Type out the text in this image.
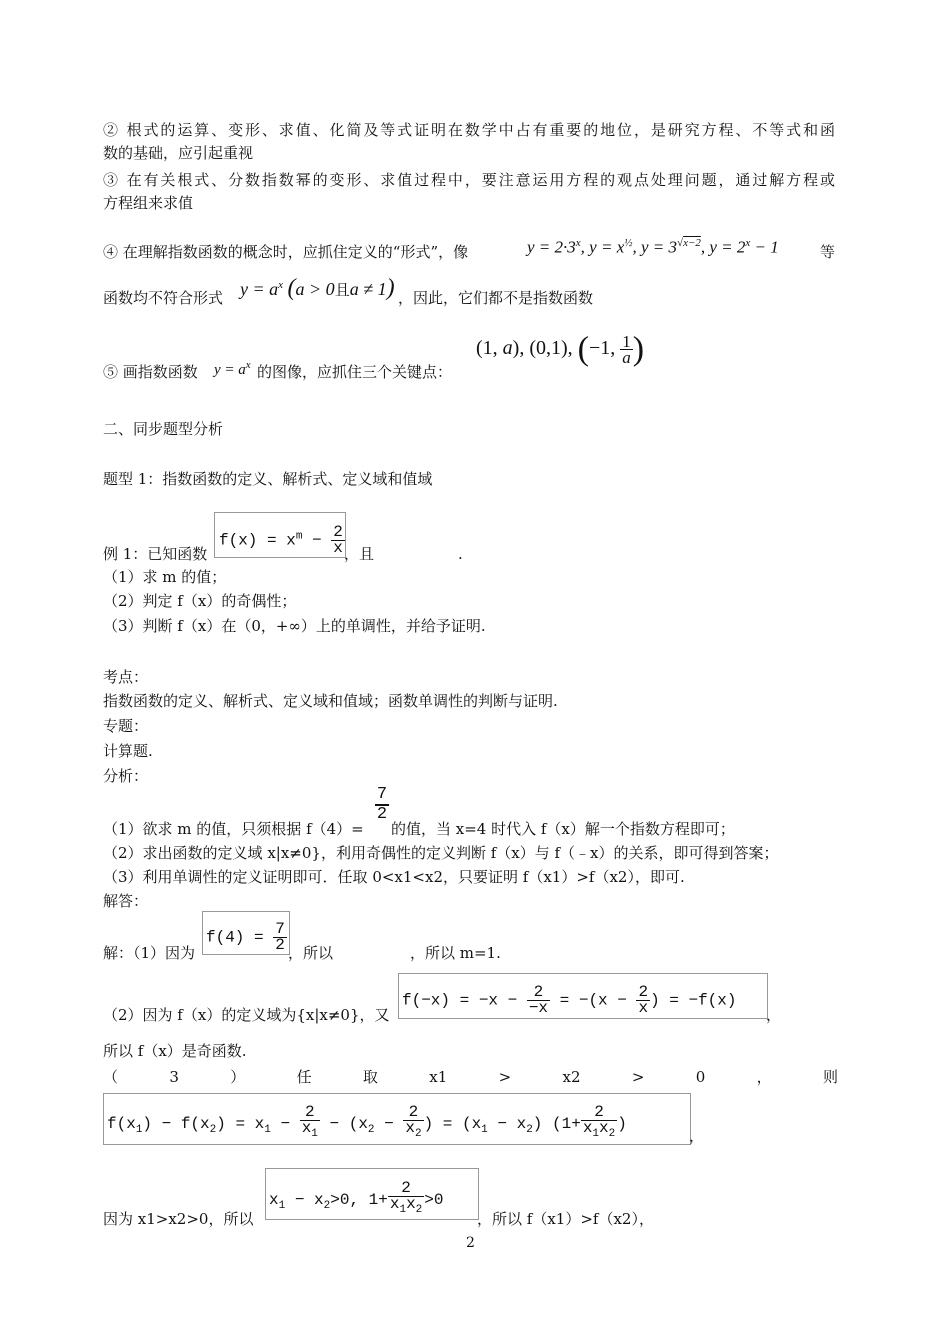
② 根式的运算、变形、求值、化简及等式证明在数学中占有重要的地位，是研究方程、不等式和函
数的基础，应引起重视
③ 在有关根式、分数指数幂的变形、求值过程中，要注意运用方程的观点处理问题，通过解方程或
方程组来求值
④ 在理解指数函数的概念时，应抓住定义的“形式”，像	$y = 2\cdot 3^x$, $y = x^{\frac{1}{2}}$, $y = 3^{√x-2}$, $y = 2^x - 1$	等
函数均不符合形式 $y = a^x$ (a > 0且a ≠ 1) ，因此，它们都不是指数函数
⑤ 画指数函数 $y = a^x$ 的图像，应抓住三个关键点：
(1, a), (0,1), (−1, $\frac{1}{a}$ )
二、同步题型分析
题型 1：指数函数的定义、解析式、定义域和值域
例 1：已知函数
$f(x) = x^m - \frac{2}{x}$ ，且	.
（1）求 m 的值；
（2）判定 f（x）的奇偶性；
（3）判断 f（x）在（0，+∞）上的单调性，并给予证明.
考点：
指数函数的定义、解析式、定义域和值域；函数单调性的判断与证明.
专题：
计算题.
分析：
（1）欲求 m 的值，只须根据 f（4）=
7
2
的值，当 x=4 时代入 f（x）解一个指数方程即可；
（2）求出函数的定义域 x|x≠0}，利用奇偶性的定义判断 f（x）与 f（﹣x）的关系，即可得到答案；
（3）利用单调性的定义证明即可．任取 0<x1<x2，只要证明 f（x1）>f（x2），即可.
解答：
解：（1）因为
$f(4) = \frac{7}{2}$ ，所以	，所以 m=1.
（2）因为 f（x）的定义域为{x|x≠0}，又
$f(-x) = -x - \frac{2}{-x} = -(x - \frac{2}{x}$ ) = −f(x)
，
所以 f（x）是奇函数.
（	3	）	任	取	x1	>	x2	>	0	，	则
$f(x_1) - f(x_2) = x_1 - \frac{2}{x_1} - (x_2 - \frac{2}{x_2}$ ) = $(x_1 - x_2)$ ($1+ \frac{2}{x_1x_2}$ )
，
因为 x1>x2>0，所以
$x_1 - x_2>0$, $1+ \frac{2}{x_1x_2} >0$
，所以 f（x1）>f（x2），
2
